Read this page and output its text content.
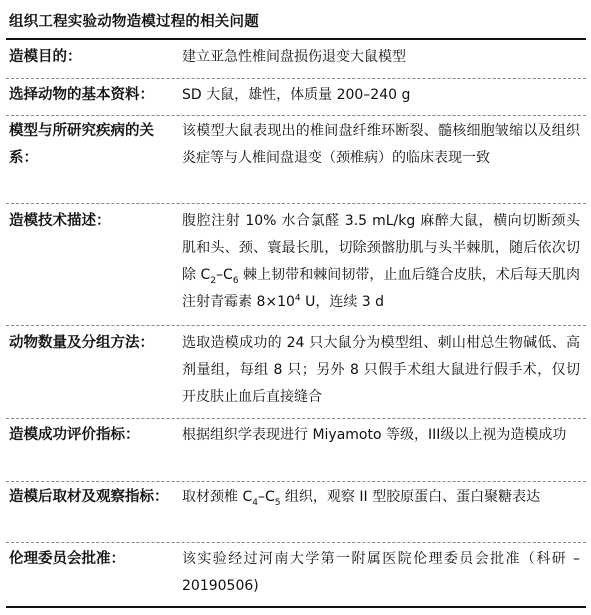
组织工程实验动物造模过程的相关问题
造模目的：	建立亚急性椎间盘损伤退变大鼠模型
选择动物的基本资料：	SD 大鼠，雄性，体质量 200–240 g
模型与所研究疾病的关系：
该模型大鼠表现出的椎间盘纤维环断裂、髓核细胞皱缩以及组织炎症等与人椎间盘退变（颈椎病）的临床表现一致
造模技术描述：	腹腔注射 10% 水合氯醛 3.5 mL/kg 麻醉大鼠，横向切断颈头肌和头、颈、寰最长肌，切除颈髂肋肌与头半棘肌，随后依次切除 $C_2-C_6$ 棘上韧带和棘间韧带，止血后缝合皮肤，术后每天肌肉注射青霉素 $8\times 10^4$ U，连续 3 d
动物数量及分组方法：	选取造模成功的 24 只大鼠分为模型组、刺山柑总生物碱低、高剂量组，每组 8 只；另外 8 只假手术组大鼠进行假手术，仅切开皮肤止血后直接缝合
造模成功评价指标：	根据组织学表现进行 Miyamoto 等级，III级以上视为造模成功
造模后取材及观察指标： 取材颈椎 $C_4-C_5$ 组织，观察 II 型胶原蛋白、蛋白聚糖表达
伦理委员会批准：	该实验经过河南大学第一附属医院伦理委员会批准（科研 –20190506)
